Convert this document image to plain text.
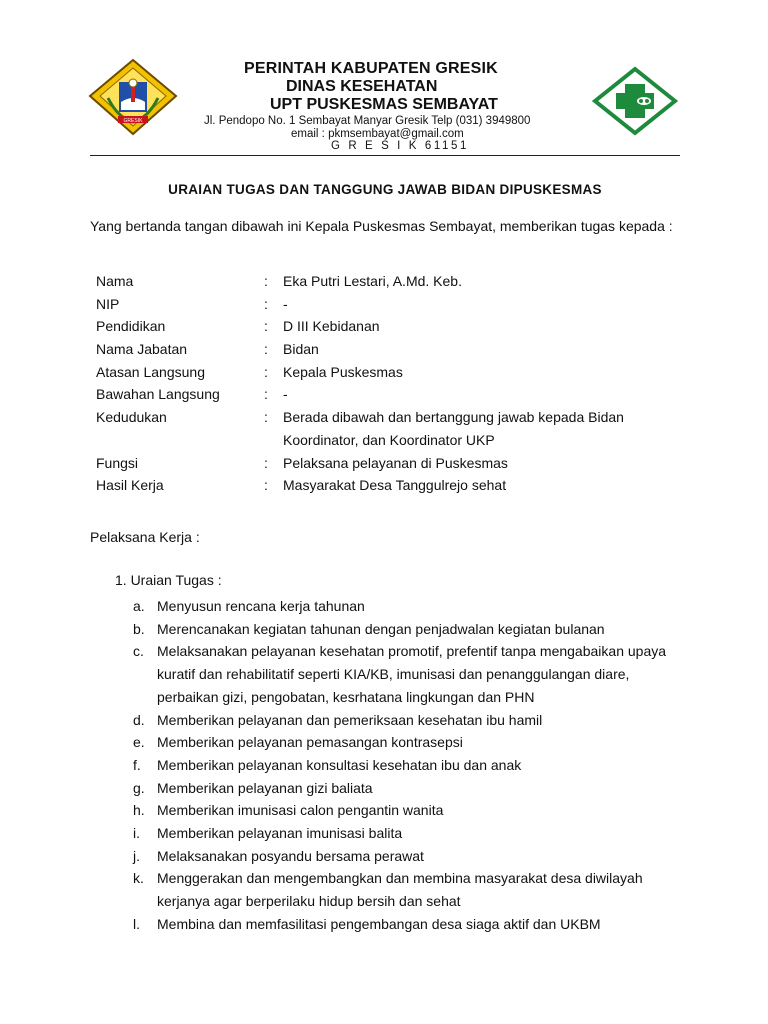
GRESIK
PERINTAH KABUPATEN GRESIK
DINAS KESEHATAN
UPT PUSKESMAS SEMBAYAT
Jl. Pendopo No. 1 Sembayat Manyar Gresik Telp (031) 3949800
email : pkmsembayat@gmail.com
G R E S I K 61151
URAIAN TUGAS DAN TANGGUNG JAWAB BIDAN DIPUSKESMAS
Yang bertanda tangan dibawah ini Kepala Puskesmas Sembayat, memberikan tugas kepada :
Nama	: Eka Putri Lestari, A.Md. Keb.
NIP	: -
Pendidikan	: D III Kebidanan
Nama Jabatan	: Bidan
Atasan Langsung	: Kepala Puskesmas
Bawahan Langsung	: -
Kedudukan	: Berada dibawah dan bertanggung jawab kepada Bidan Koordinator, dan Koordinator UKP
Fungsi	: Pelaksana pelayanan di Puskesmas
Hasil Kerja	: Masyarakat Desa Tanggulrejo sehat
Pelaksana Kerja :
1. Uraian Tugas :
a. Menyusun rencana kerja tahunan
b. Merencanakan kegiatan tahunan dengan penjadwalan kegiatan bulanan
c. Melaksanakan pelayanan kesehatan promotif, prefentif tanpa mengabaikan upaya kuratif dan rehabilitatif seperti KIA/KB, imunisasi dan penanggulangan diare, perbaikan gizi, pengobatan, kesrhatana lingkungan dan PHN
d. Memberikan pelayanan dan pemeriksaan kesehatan ibu hamil
e. Memberikan pelayanan pemasangan kontrasepsi
f. Memberikan pelayanan konsultasi kesehatan ibu dan anak
g. Memberikan pelayanan gizi baliata
h. Memberikan imunisasi calon pengantin wanita
i. Memberikan pelayanan imunisasi balita
j. Melaksanakan posyandu bersama perawat
k. Menggerakan dan mengembangkan dan membina masyarakat desa diwilayah kerjanya agar berperilaku hidup bersih dan sehat
l. Membina dan memfasilitasi pengembangan desa siaga aktif dan UKBM
